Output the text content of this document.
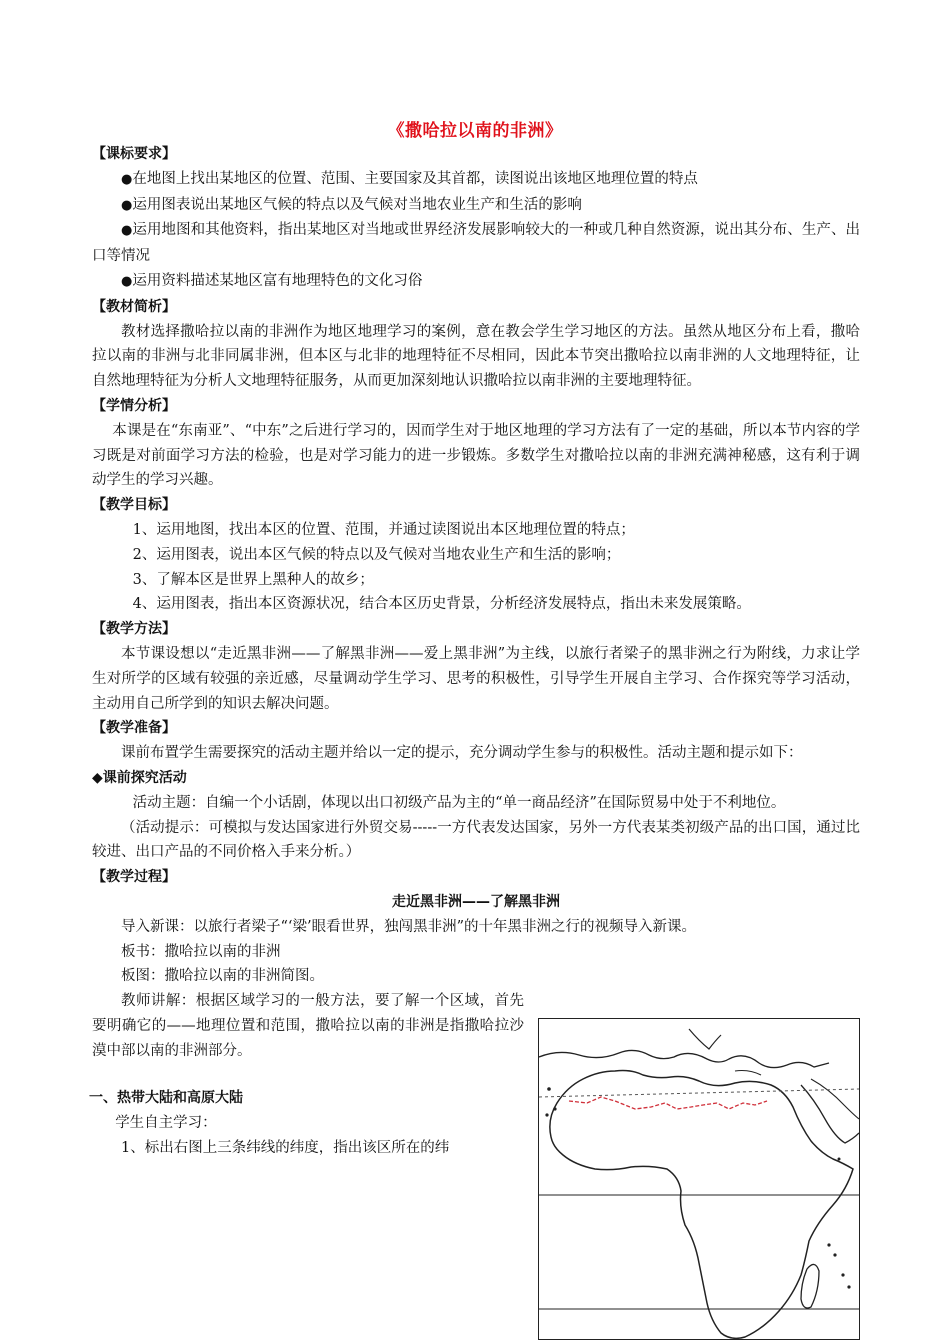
《撒哈拉以南的非洲》
【课标要求】

●在地图上找出某地区的位置、范围、主要国家及其首都，读图说出该地区地理位置的特点

●运用图表说出某地区气候的特点以及气候对当地农业生产和生活的影响

●运用地图和其他资料，指出某地区对当地或世界经济发展影响较大的一种或几种自然资源，说出其分布、生产、出口等情况

●运用资料描述某地区富有地理特色的文化习俗

【教材简析】

教材选择撒哈拉以南的非洲作为地区地理学习的案例，意在教会学生学习地区的方法。虽然从地区分布上看，撒哈拉以南的非洲与北非同属非洲，但本区与北非的地理特征不尽相同，因此本节突出撒哈拉以南非洲的人文地理特征，让自然地理特征为分析人文地理特征服务，从而更加深刻地认识撒哈拉以南非洲的主要地理特征。

【学情分析】

本课是在“东南亚”、“中东”之后进行学习的，因而学生对于地区地理的学习方法有了一定的基础，所以本节内容的学习既是对前面学习方法的检验，也是对学习能力的进一步锻炼。多数学生对撒哈拉以南的非洲充满神秘感，这有利于调动学生的学习兴趣。

【教学目标】

1、运用地图，找出本区的位置、范围，并通过读图说出本区地理位置的特点；

2、运用图表，说出本区气候的特点以及气候对当地农业生产和生活的影响；

3、了解本区是世界上黑种人的故乡；

4、运用图表，指出本区资源状况，结合本区历史背景，分析经济发展特点，指出未来发展策略。

【教学方法】

本节课设想以“走近黑非洲——了解黑非洲——爱上黑非洲”为主线，以旅行者梁子的黑非洲之行为附线，力求让学生对所学的区域有较强的亲近感，尽量调动学生学习、思考的积极性，引导学生开展自主学习、合作探究等学习活动，主动用自己所学到的知识去解决问题。

【教学准备】

课前布置学生需要探究的活动主题并给以一定的提示，充分调动学生参与的积极性。活动主题和提示如下：

◆课前探究活动

活动主题：自编一个小话剧，体现以出口初级产品为主的“单一商品经济”在国际贸易中处于不利地位。

（活动提示：可模拟与发达国家进行外贸交易-----一方代表发达国家，另外一方代表某类初级产品的出口国，通过比较进、出口产品的不同价格入手来分析。）

【教学过程】
走近黑非洲——了解黑非洲

导入新课：以旅行者梁子“‘梁’眼看世界，独闯黑非洲”的十年黑非洲之行的视频导入新课。

板书：撒哈拉以南的非洲

板图：撒哈拉以南的非洲简图。

教师讲解：根据区域学习的一般方法，要了解一个区域，首先要明确它的——地理位置和范围，撒哈拉以南的非洲是指撒哈拉沙漠中部以南的非洲部分。

一、热带大陆和高原大陆

学生自主学习：

1、标出右图上三条纬线的纬度，指出该区所在的纬
